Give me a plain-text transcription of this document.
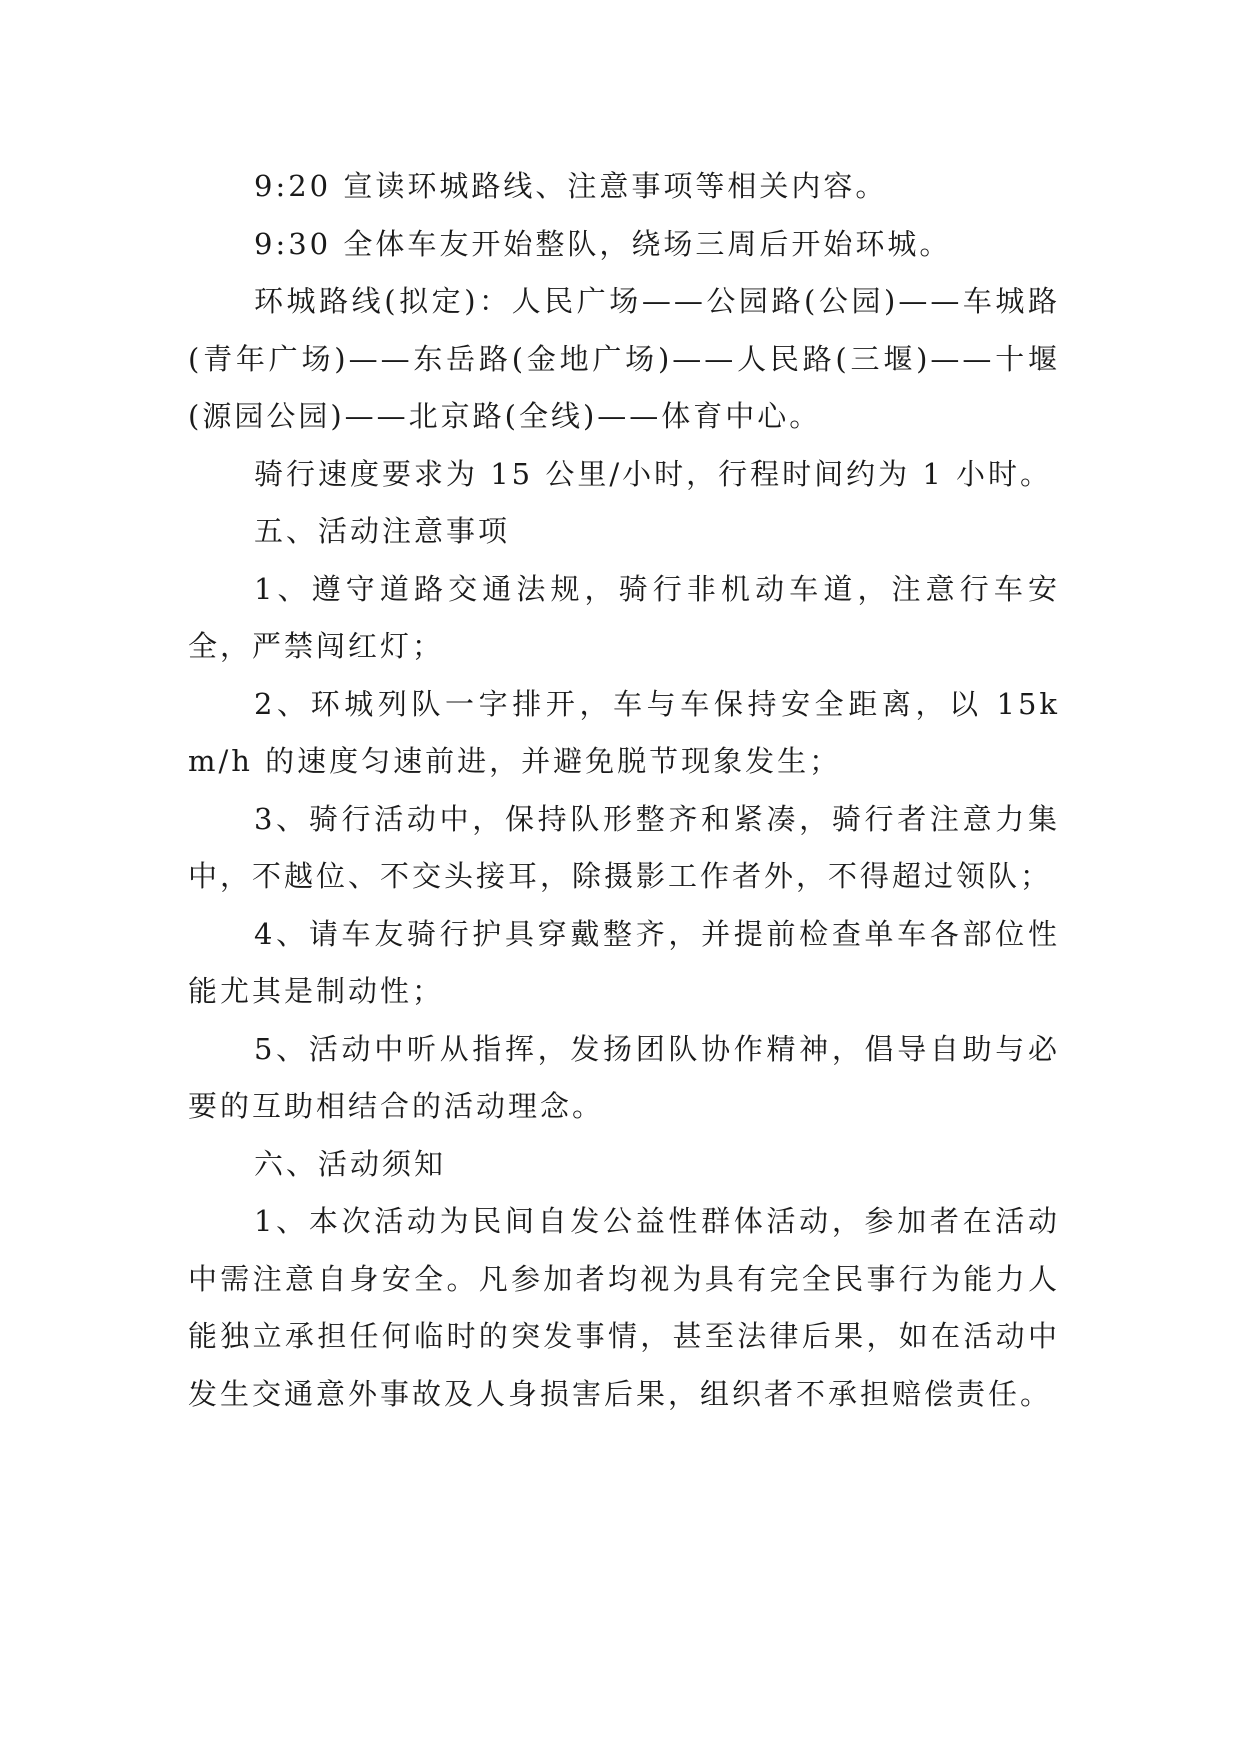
9:20 宣读环城路线、注意事项等相关内容。

9:30 全体车友开始整队，绕场三周后开始环城。

环城路线(拟定)：人民广场——公园路(公园)——车城路(青年广场)——东岳路(金地广场)——人民路(三堰)——十堰(源园公园)——北京路(全线)——体育中心。

骑行速度要求为 15 公里/小时，行程时间约为 1 小时。

五、活动注意事项

1、遵守道路交通法规，骑行非机动车道，注意行车安全，严禁闯红灯；

2、环城列队一字排开，车与车保持安全距离，以 15km/h 的速度匀速前进，并避免脱节现象发生；

3、骑行活动中，保持队形整齐和紧凑，骑行者注意力集中，不越位、不交头接耳，除摄影工作者外，不得超过领队；

4、请车友骑行护具穿戴整齐，并提前检查单车各部位性能尤其是制动性；

5、活动中听从指挥，发扬团队协作精神，倡导自助与必要的互助相结合的活动理念。

六、活动须知

1、本次活动为民间自发公益性群体活动，参加者在活动中需注意自身安全。凡参加者均视为具有完全民事行为能力人能独立承担任何临时的突发事情，甚至法律后果，如在活动中发生交通意外事故及人身损害后果，组织者不承担赔偿责任。
